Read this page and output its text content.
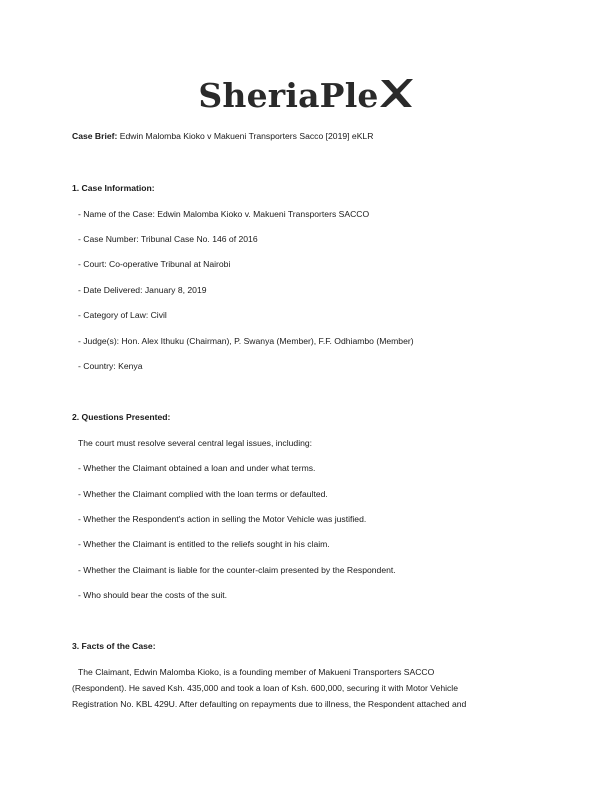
SheriaPle	X
Case Brief: Edwin Malomba Kioko v Makueni Transporters Sacco [2019] eKLR
1. Case Information:
- Name of the Case: Edwin Malomba Kioko v. Makueni Transporters SACCO
- Case Number: Tribunal Case No. 146 of 2016
- Court: Co-operative Tribunal at Nairobi
- Date Delivered: January 8, 2019
- Category of Law: Civil
- Judge(s): Hon. Alex Ithuku (Chairman), P. Swanya (Member), F.F. Odhiambo (Member)
- Country: Kenya
2. Questions Presented:
The court must resolve several central legal issues, including:
- Whether the Claimant obtained a loan and under what terms.
- Whether the Claimant complied with the loan terms or defaulted.
- Whether the Respondent's action in selling the Motor Vehicle was justified.
- Whether the Claimant is entitled to the reliefs sought in his claim.
- Whether the Claimant is liable for the counter-claim presented by the Respondent.
- Who should bear the costs of the suit.
3. Facts of the Case:
The Claimant, Edwin Malomba Kioko, is a founding member of Makueni Transporters SACCO
(Respondent). He saved Ksh. 435,000 and took a loan of Ksh. 600,000, securing it with Motor Vehicle
Registration No. KBL 429U. After defaulting on repayments due to illness, the Respondent attached and
